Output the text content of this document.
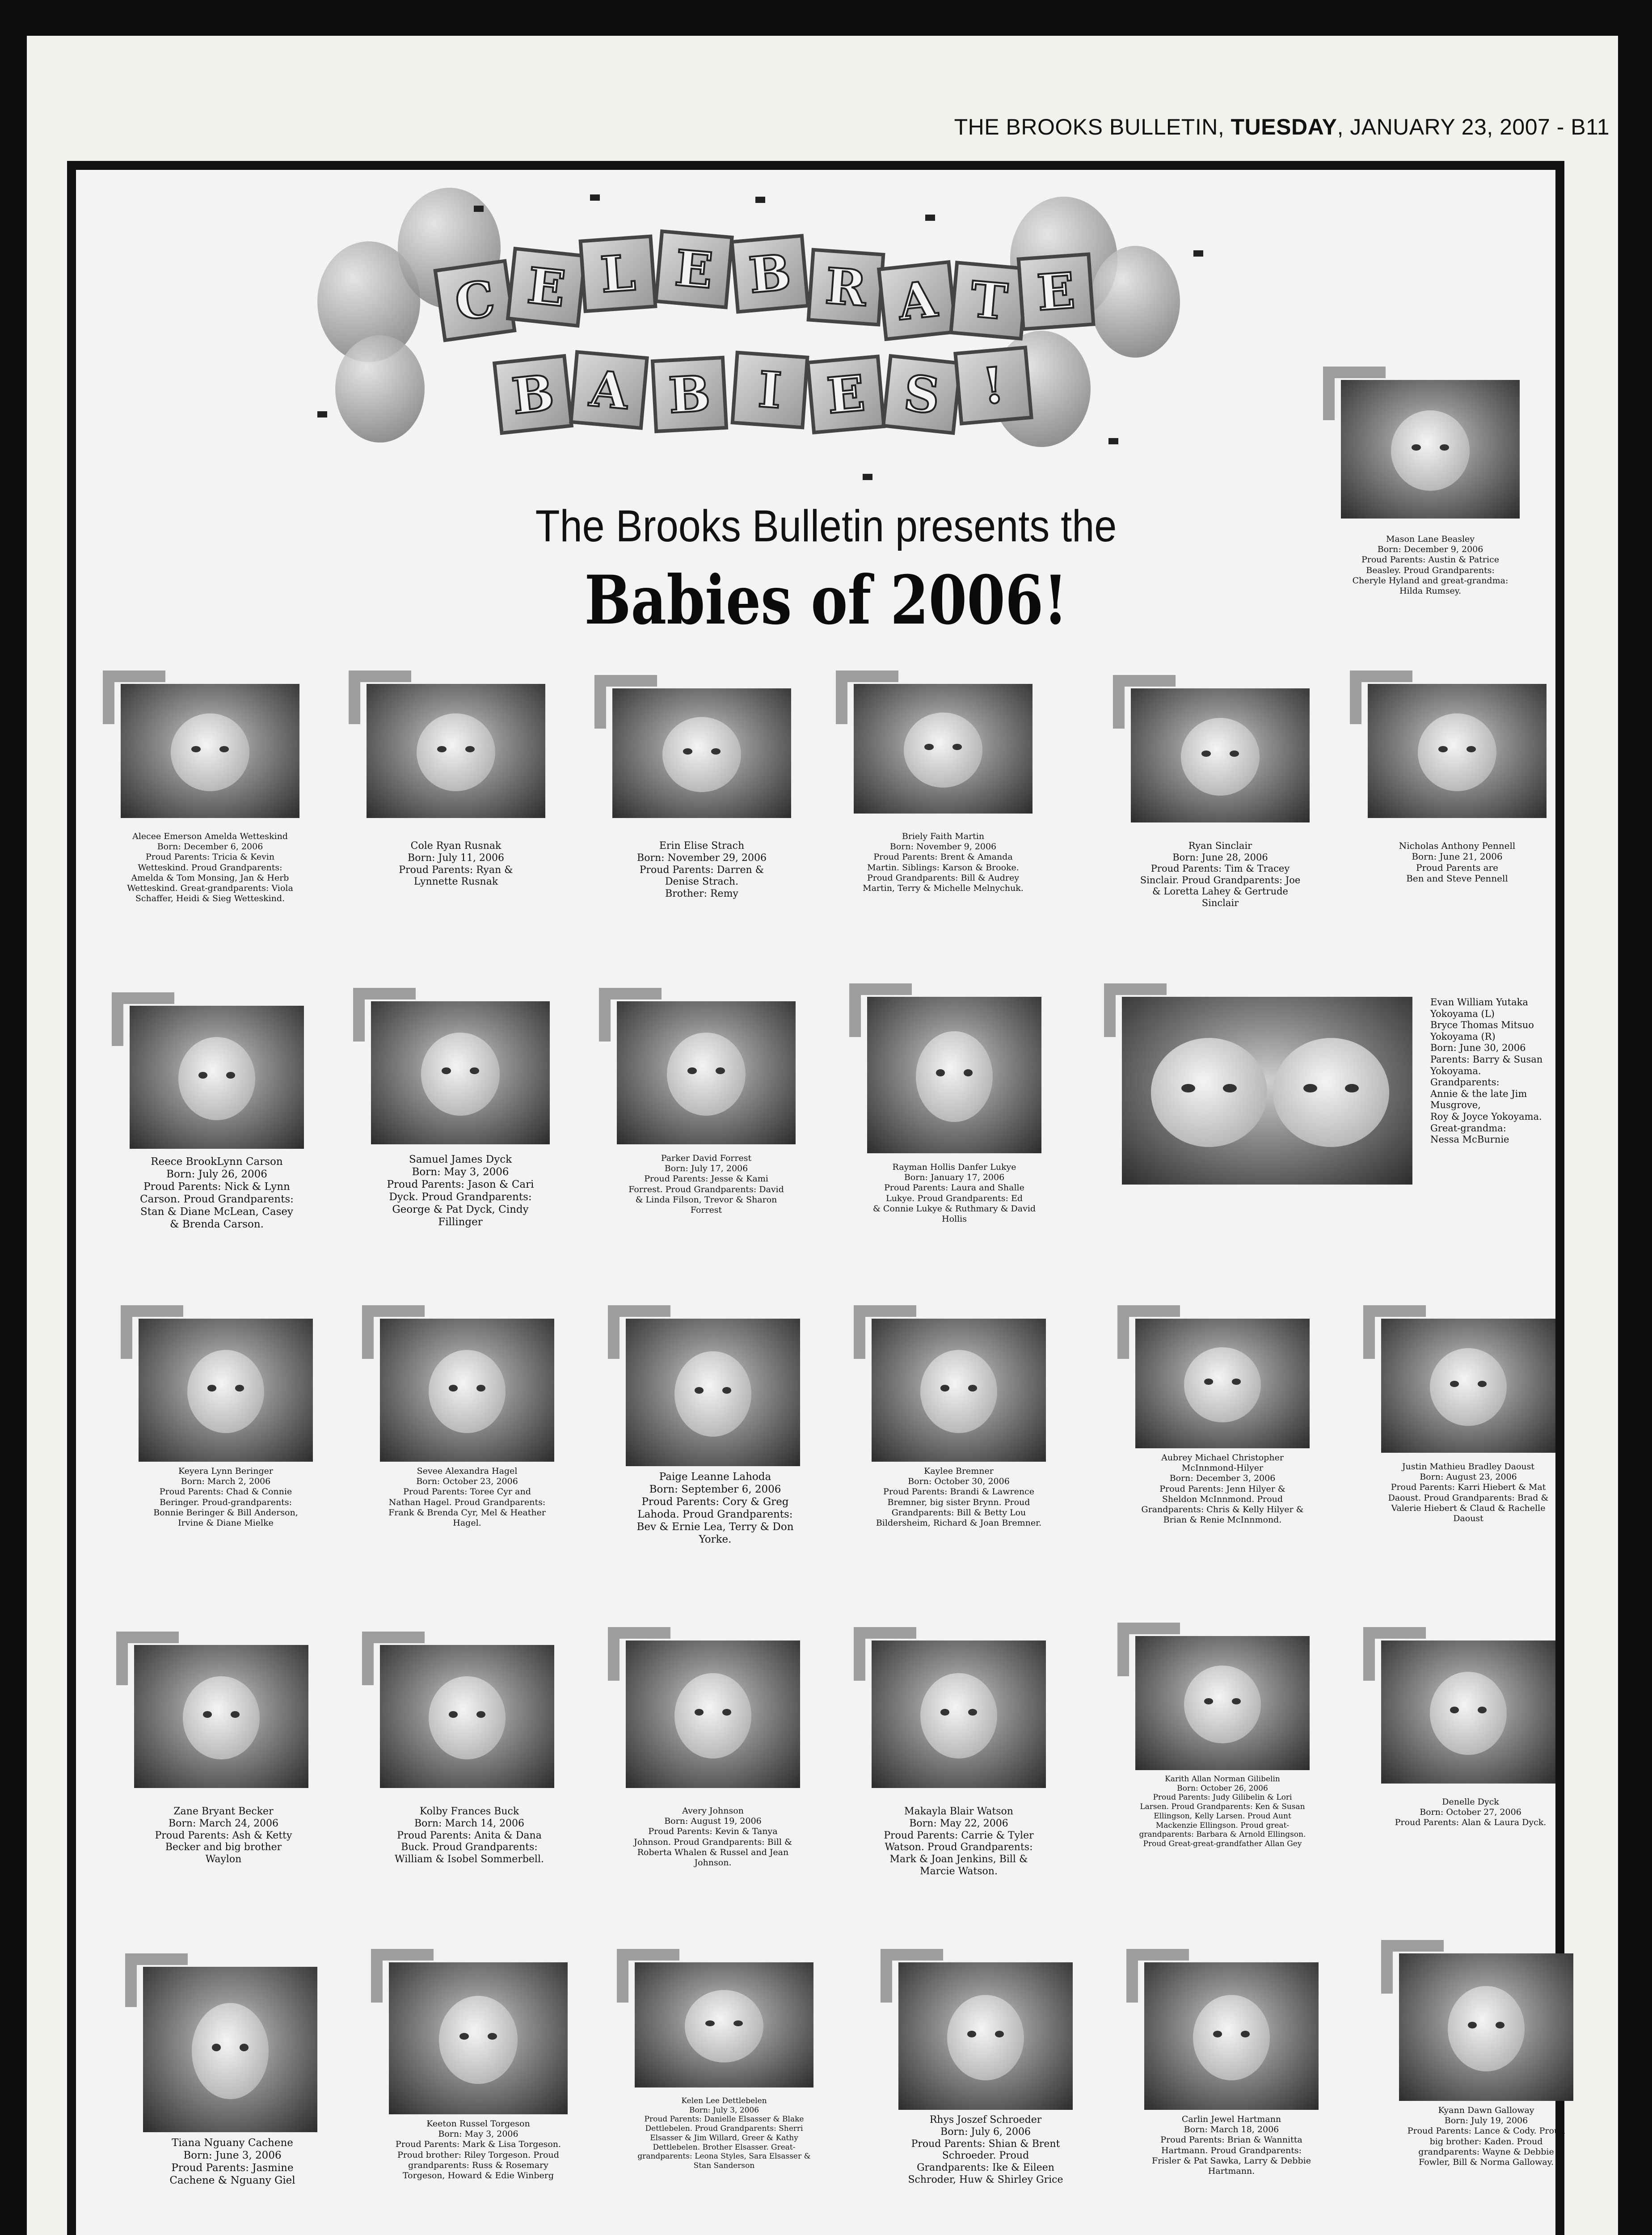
THE BROOKS BULLETIN, TUESDAY, JANUARY 23, 2007 - B11
C E L E B R A T E
B A B I E S !
The Brooks Bulletin presents the
Babies of 2006!
Mason Lane Beasley
Born: December 9, 2006
Proud Parents: Austin & Patrice
Beasley. Proud Grandparents:
Cheryle Hyland and great-grandma:
Hilda Rumsey.
Alecee Emerson Amelda Wetteskind
Born: December 6, 2006
Proud Parents: Tricia & Kevin
Wetteskind. Proud Grandparents:
Amelda & Tom Monsing, Jan & Herb
Wetteskind. Great-grandparents: Viola
Schaffer, Heidi & Sieg Wetteskind.
Cole Ryan Rusnak
Born: July 11, 2006
Proud Parents: Ryan &
Lynnette Rusnak
Erin Elise Strach
Born: November 29, 2006
Proud Parents: Darren &
Denise Strach.
Brother: Remy
Briely Faith Martin
Born: November 9, 2006
Proud Parents: Brent & Amanda
Martin. Siblings: Karson & Brooke.
Proud Grandparents: Bill & Audrey
Martin, Terry & Michelle Melnychuk.
Ryan Sinclair
Born: June 28, 2006
Proud Parents: Tim & Tracey
Sinclair. Proud Grandparents: Joe
& Loretta Lahey & Gertrude
Sinclair
Nicholas Anthony Pennell
Born: June 21, 2006
Proud Parents are
Ben and Steve Pennell
Reece BrookLynn Carson
Born: July 26, 2006
Proud Parents: Nick & Lynn
Carson. Proud Grandparents:
Stan & Diane McLean, Casey
& Brenda Carson.
Samuel James Dyck
Born: May 3, 2006
Proud Parents: Jason & Cari
Dyck. Proud Grandparents:
George & Pat Dyck, Cindy
Fillinger
Parker David Forrest
Born: July 17, 2006
Proud Parents: Jesse & Kami
Forrest. Proud Grandparents: David
& Linda Filson, Trevor & Sharon
Forrest
Rayman Hollis Danfer Lukye
Born: January 17, 2006
Proud Parents: Laura and Shalle
Lukye. Proud Grandparents: Ed
& Connie Lukye & Ruthmary & David Hollis
Evan William Yutaka
Yokoyama (L)
Bryce Thomas Mitsuo
Yokoyama (R)
Born: June 30, 2006
Parents: Barry & Susan
Yokoyama.
Grandparents:
Annie & the late Jim
Musgrove,
Roy & Joyce Yokoyama.
Great-grandma:
Nessa McBurnie
Keyera Lynn Beringer
Born: March 2, 2006
Proud Parents: Chad & Connie
Beringer. Proud-grandparents:
Bonnie Beringer & Bill Anderson,
Irvine & Diane Mielke
Sevee Alexandra Hagel
Born: October 23, 2006
Proud Parents: Toree Cyr and
Nathan Hagel. Proud Grandparents:
Frank & Brenda Cyr, Mel & Heather
Hagel.
Paige Leanne Lahoda
Born: September 6, 2006
Proud Parents: Cory & Greg
Lahoda. Proud Grandparents:
Bev & Ernie Lea, Terry & Don
Yorke.
Kaylee Bremner
Born: October 30, 2006
Proud Parents: Brandi & Lawrence
Bremner, big sister Brynn. Proud
Grandparents: Bill & Betty Lou
Bildersheim, Richard & Joan Bremner.
Aubrey Michael Christopher
McInnmond-Hilyer
Born: December 3, 2006
Proud Parents: Jenn Hilyer &
Sheldon McInnmond. Proud
Grandparents: Chris & Kelly Hilyer &
Brian & Renie McInnmond.
Justin Mathieu Bradley Daoust
Born: August 23, 2006
Proud Parents: Karri Hiebert & Mat
Daoust. Proud Grandparents: Brad &
Valerie Hiebert & Claud & Rachelle
Daoust
Zane Bryant Becker
Born: March 24, 2006
Proud Parents: Ash & Ketty
Becker and big brother
Waylon
Kolby Frances Buck
Born: March 14, 2006
Proud Parents: Anita & Dana
Buck. Proud Grandparents:
William & Isobel Sommerbell.
Avery Johnson
Born: August 19, 2006
Proud Parents: Kevin & Tanya
Johnson. Proud Grandparents: Bill &
Roberta Whalen & Russel and Jean
Johnson.
Makayla Blair Watson
Born: May 22, 2006
Proud Parents: Carrie & Tyler
Watson. Proud Grandparents:
Mark & Joan Jenkins, Bill &
Marcie Watson.
Karith Allan Norman Gilibelin
Born: October 26, 2006
Proud Parents: Judy Gilibelin & Lori
Larsen. Proud Grandparents: Ken & Susan
Ellingson, Kelly Larsen. Proud Aunt
Mackenzie Ellingson. Proud great-
grandparents: Barbara & Arnold Ellingson.
Proud Great-great-grandfather Allan Gey
Denelle Dyck
Born: October 27, 2006
Proud Parents: Alan & Laura Dyck.
Tiana Nguany Cachene
Born: June 3, 2006
Proud Parents: Jasmine
Cachene & Nguany Giel
Keeton Russel Torgeson
Born: May 3, 2006
Proud Parents: Mark & Lisa Torgeson.
Proud brother: Riley Torgeson. Proud
grandparents: Russ & Rosemary
Torgeson, Howard & Edie Winberg
Kelen Lee Dettlebelen
Born: July 3, 2006
Proud Parents: Danielle Elsasser & Blake
Dettlebelen. Proud Grandparents: Sherri
Elsasser & Jim Willard, Greer & Kathy
Dettlebelen. Brother Elsasser. Great-
grandparents: Leona Styles, Sara Elsasser &
Stan Sanderson
Rhys Joszef Schroeder
Born: July 6, 2006
Proud Parents: Shian & Brent
Schroeder. Proud
Grandparents: Ike & Eileen
Schroder, Huw & Shirley Grice
Carlin Jewel Hartmann
Born: March 18, 2006
Proud Parents: Brian & Wannitta
Hartmann. Proud Grandparents:
Frisler & Pat Sawka, Larry & Debbie
Hartmann.
Kyann Dawn Galloway
Born: July 19, 2006
Proud Parents: Lance & Cody. Proud
big brother: Kaden. Proud
grandparents: Wayne & Debbie
Fowler, Bill & Norma Galloway.
